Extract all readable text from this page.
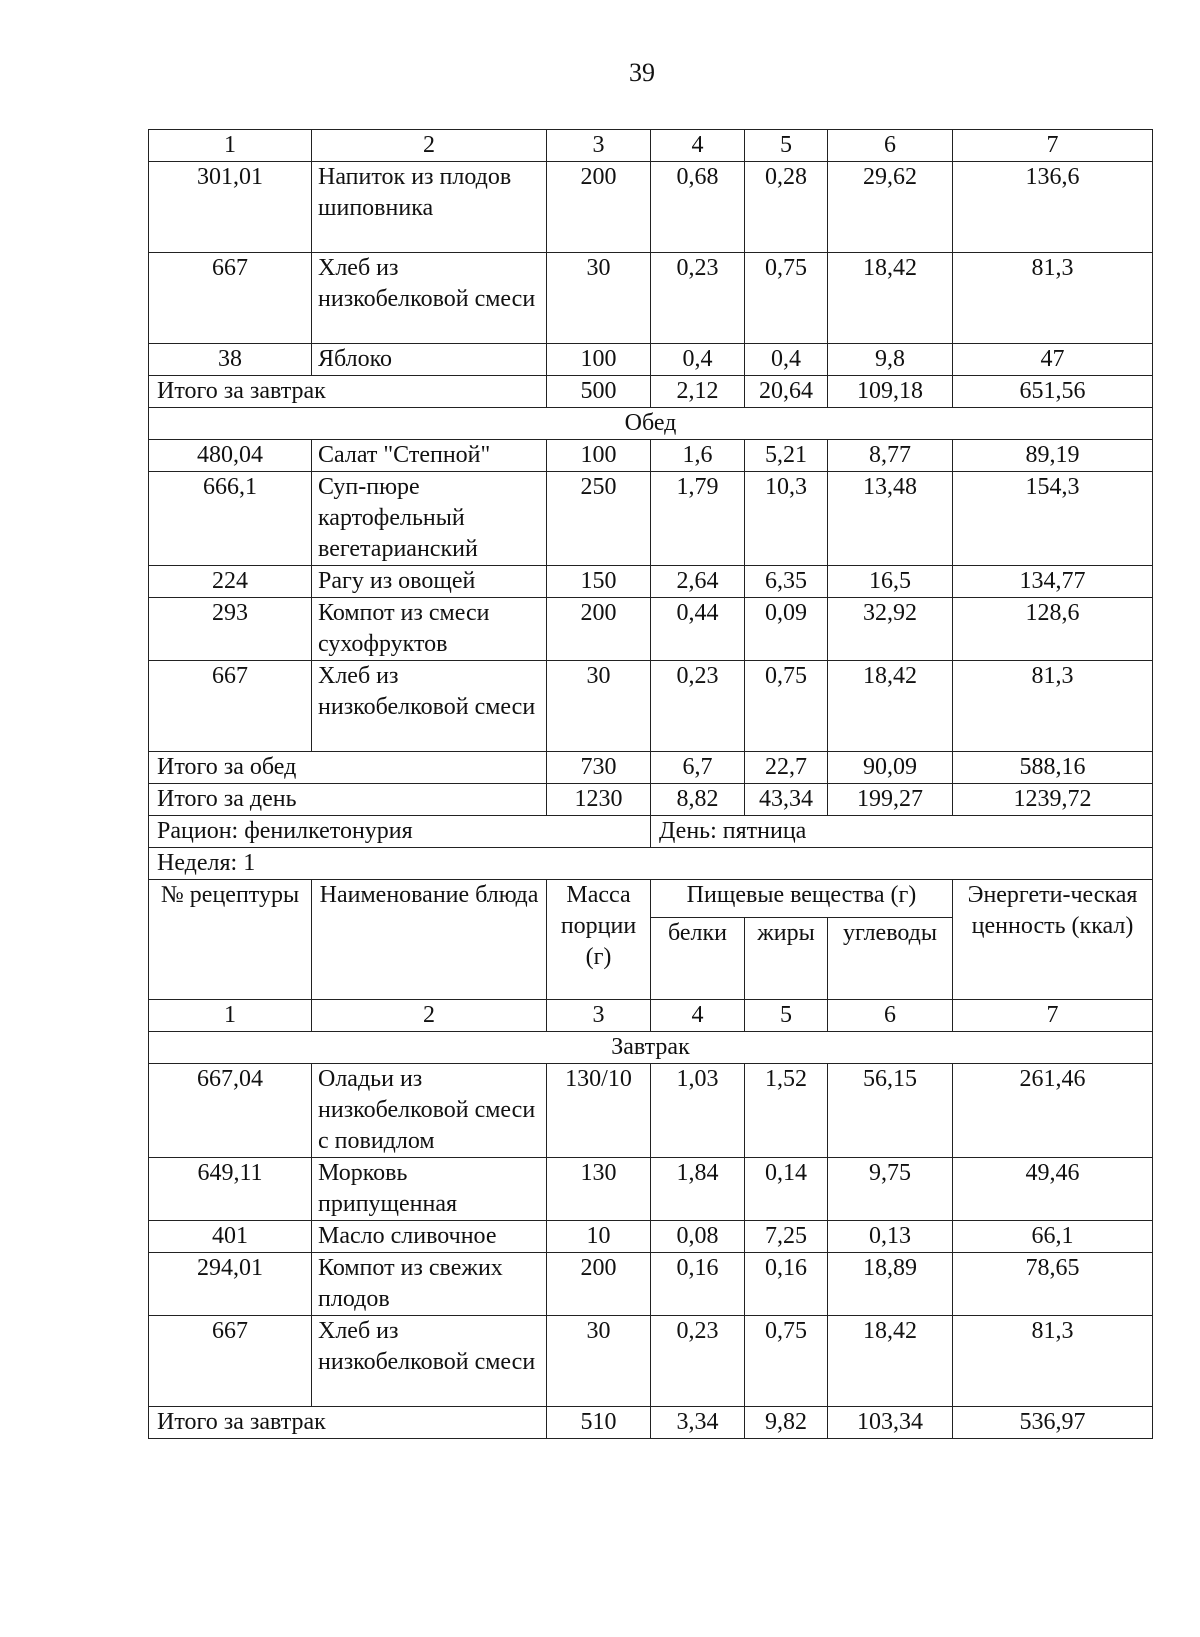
39
1	2	3	4	5	6	7
301,01	Напиток из плодов шиповника	200	0,68	0,28	29,62	136,6
667	Хлеб из низкобелковой смеси	30	0,23	0,75	18,42	81,3
38	Яблоко	100	0,4	0,4	9,8	47
Итого за завтрак		500	2,12	20,64	109,18	651,56
Обед						
480,04	Салат "Степной"	100	1,6	5,21	8,77	89,19
666,1	Суп-пюре картофельный вегетарианский	250	1,79	10,3	13,48	154,3
224	Рагу из овощей	150	2,64	6,35	16,5	134,77
293	Компот из смеси сухофруктов	200	0,44	0,09	32,92	128,6
667	Хлеб из низкобелковой смеси	30	0,23	0,75	18,42	81,3
Итого за обед		730	6,7	22,7	90,09	588,16
Итого за день		1230	8,82	43,34	199,27	1239,72
Рацион: фенилкетонурия			День: пятница			
Неделя: 1						
№ рецептуры	Наименование блюда	Масса порции (г)	Пищевые вещества (г)			Энергети-ческая ценность (ккал)
			белки	жиры	углеводы	
1	2	3	4	5	6	7
Завтрак						
667,04	Оладьи из низкобелковой смеси с повидлом	130/10	1,03	1,52	56,15	261,46
649,11	Морковь припущенная	130	1,84	0,14	9,75	49,46
401	Масло сливочное	10	0,08	7,25	0,13	66,1
294,01	Компот из свежих плодов	200	0,16	0,16	18,89	78,65
667	Хлеб из низкобелковой смеси	30	0,23	0,75	18,42	81,3
Итого за завтрак		510	3,34	9,82	103,34	536,97
